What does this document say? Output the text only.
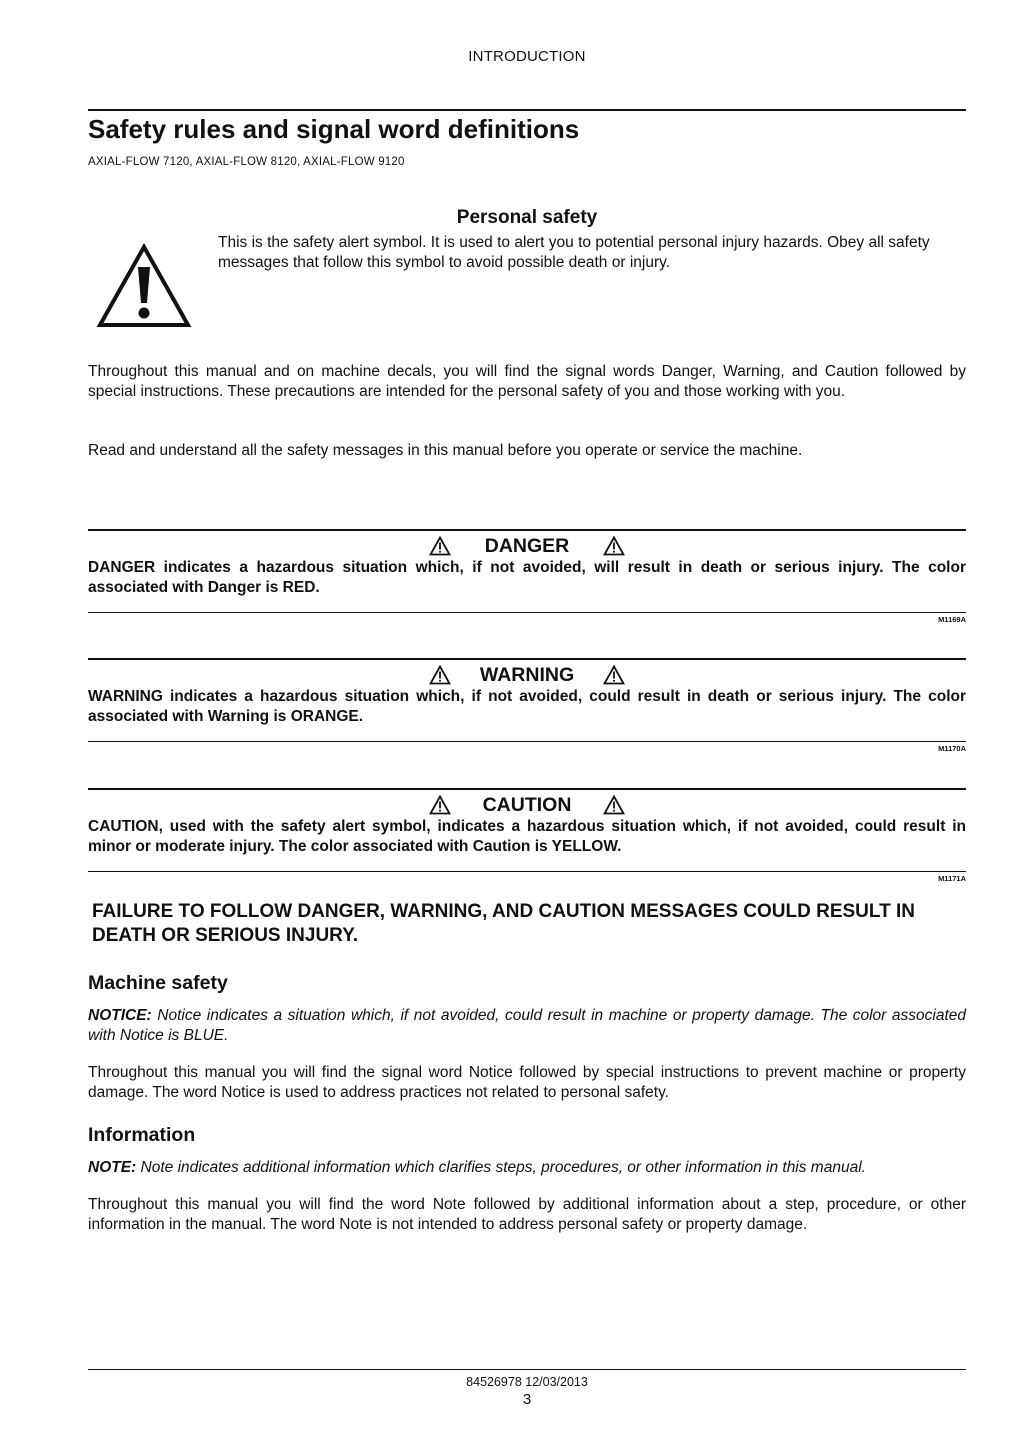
INTRODUCTION
Safety rules and signal word definitions
AXIAL-FLOW 7120, AXIAL-FLOW 8120, AXIAL-FLOW 9120
Personal safety
This is the safety alert symbol. It is used to alert you to potential personal injury hazards. Obey all safety messages that follow this symbol to avoid possible death or injury.
Throughout this manual and on machine decals, you will find the signal words Danger, Warning, and Caution followed by special instructions. These precautions are intended for the personal safety of you and those working with you.
Read and understand all the safety messages in this manual before you operate or service the machine.
DANGER
DANGER indicates a hazardous situation which, if not avoided, will result in death or serious injury. The color associated with Danger is RED.
M1169A
WARNING
WARNING indicates a hazardous situation which, if not avoided, could result in death or serious injury. The color associated with Warning is ORANGE.
M1170A
CAUTION
CAUTION, used with the safety alert symbol, indicates a hazardous situation which, if not avoided, could result in minor or moderate injury. The color associated with Caution is YELLOW.
M1171A
FAILURE TO FOLLOW DANGER, WARNING, AND CAUTION MESSAGES COULD RESULT IN DEATH OR SERIOUS INJURY.
Machine safety
NOTICE: Notice indicates a situation which, if not avoided, could result in machine or property damage. The color associated with Notice is BLUE.
Throughout this manual you will find the signal word Notice followed by special instructions to prevent machine or property damage. The word Notice is used to address practices not related to personal safety.
Information
NOTE: Note indicates additional information which clarifies steps, procedures, or other information in this manual.
Throughout this manual you will find the word Note followed by additional information about a step, procedure, or other information in the manual. The word Note is not intended to address personal safety or property damage.
84526978 12/03/2013
3
